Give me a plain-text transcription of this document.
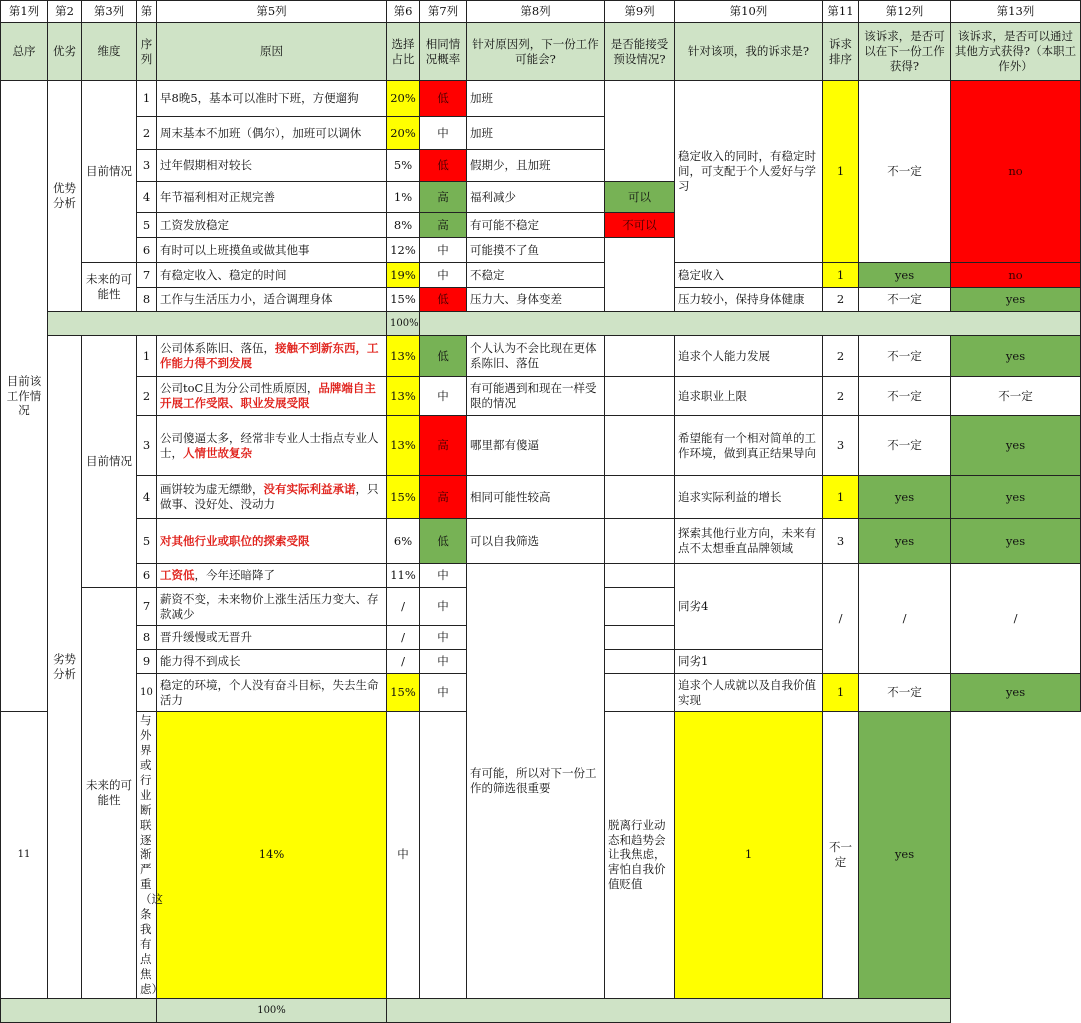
第1列	第2	第3列	第	第5列	第6	第7列	第8列	第9列	第10列	第11	第12列	第13列
总序	优劣	维度	序列	原因	选择占比	相同情况概率	针对原因列，下一份工作可能会?	是否能接受预设情况?	针对该项，我的诉求是?	诉求排序	该诉求，是否可以在下一份工作获得?	该诉求，是否可以通过其他方式获得?（本职工作外）
目前该工作情况	优势分析	目前情况	1	早8晚5，基本可以准时下班，方便遛狗	20%	低	加班		稳定收入的同时，有稳定时间，可支配于个人爱好与学习	1	不一定	no
			2	周末基本不加班（偶尔），加班可以调休	20%	中	加班					
			3	过年假期相对较长	5%	低	假期少，且加班					
			4	年节福利相对正规完善	1%	高	福利减少	可以				
			5	工资发放稳定	8%	高	有可能不稳定	不可以				
			6	有时可以上班摸鱼或做其他事	12%	中	可能摸不了鱼					
		未来的可能性	7	有稳定收入、稳定的时间	19%	中	不稳定		稳定收入	1	yes	no
			8	工作与生活压力小，适合调理身体	15%	低	压力大、身体变差		压力较小，保持身体健康	2	不一定	yes
					100%							
	劣势分析	目前情况	1	公司体系陈旧、落伍，接触不到新东西，工作能力得不到发展	13%	低	个人认为不会比现在更体系陈旧、落伍		追求个人能力发展	2	不一定	yes
			2	公司toC且为分公司性质原因，品牌端自主开展工作受限、职业发展受限	13%	中	有可能遇到和现在一样受限的情况		追求职业上限	2	不一定	不一定
			3	公司傻逼太多，经常非专业人士指点专业人士，人情世故复杂	13%	高	哪里都有傻逼		希望能有一个相对简单的工作环境，做到真正结果导向	3	不一定	yes
			4	画饼较为虚无缥缈，没有实际利益承诺，只做事、没好处、没动力	15%	高	相同可能性较高		追求实际利益的增长	1	yes	yes
			5	对其他行业或职位的探索受限	6%	低	可以自我筛选		探索其他行业方向，未来有点不太想垂直品牌领域	3	yes	yes
			6	工资低，今年还暗降了	11%	中	有可能，所以对下一份工作的筛选很重要		同劣4	/	/	/
		未来的可能性	7	薪资不变，未来物价上涨生活压力变大、存款减少	/	中						
			8	晋升缓慢或无晋升	/	中						
			9	能力得不到成长	/	中			同劣1			
			10	稳定的环境，个人没有奋斗目标，失去生命活力	15%	中			追求个人成就以及自我价值实现	1	不一定	yes
11			与外界或行业断联逐渐严重（这条我有点焦虑）	14%	中			脱离行业动态和趋势会让我焦虑，害怕自我价值贬值	1	不一定	yes	
				100%								
